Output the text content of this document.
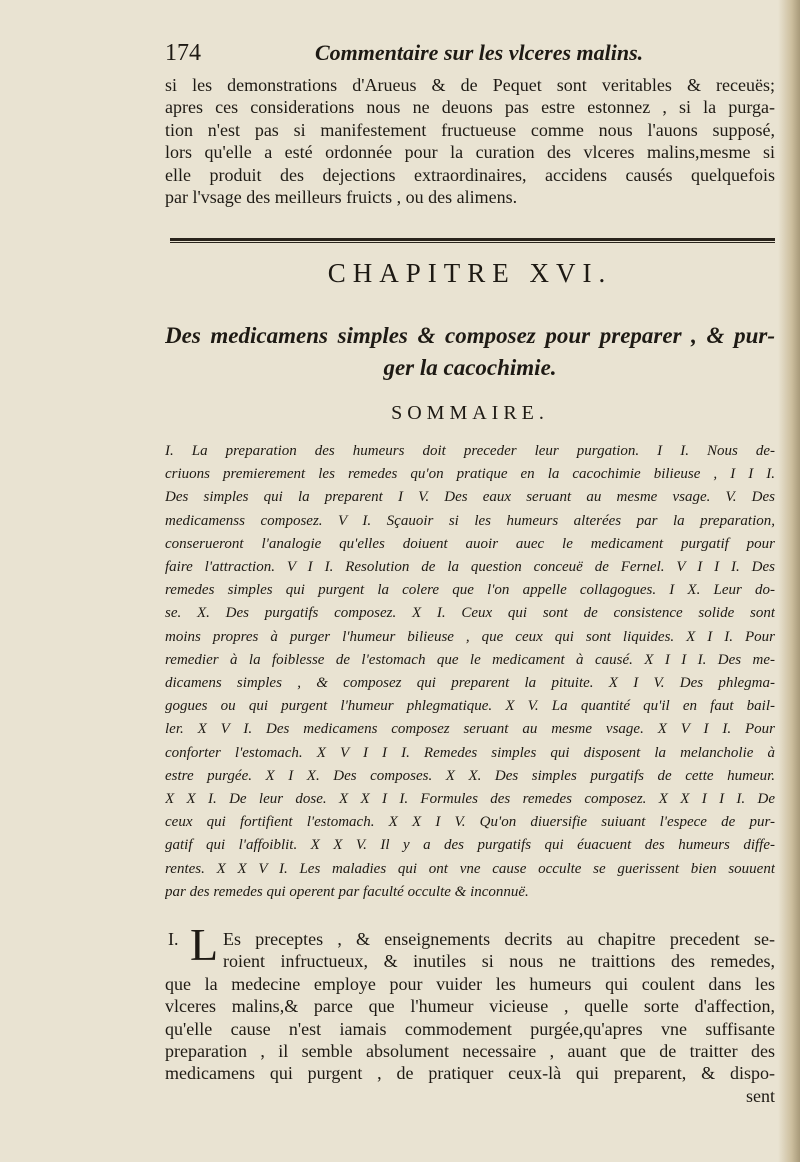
174	Commentaire sur les vlceres malins.
si les demonstrations d'Arueus & de Pequet sont veritables & receuës;
apres ces considerations nous ne deuons pas estre estonnez , si la purga-
tion n'est pas si manifestement fructueuse comme nous l'auons supposé,
lors qu'elle a esté ordonnée pour la curation des vlceres malins,mesme si
elle produit des dejections extraordinaires, accidens causés quelquefois
par l'vsage des meilleurs fruicts , ou des alimens.
CHAPITRE XVI.
Des medicamens simples & composez pour preparer , & pur-
ger la cacochimie.
SOMMAIRE.
I. La preparation des humeurs doit preceder leur purgation. I I. Nous de-
criuons premierement les remedes qu'on pratique en la cacochimie bilieuse , I I I.
Des simples qui la preparent I V. Des eaux seruant au mesme vsage. V. Des
medicamenss composez. V I. Sçauoir si les humeurs alterées par la preparation,
conserueront l'analogie qu'elles doiuent auoir auec le medicament purgatif pour
faire l'attraction. V I I. Resolution de la question conceuë de Fernel. V I I I. Des
remedes simples qui purgent la colere que l'on appelle collagogues. I X. Leur do-
se. X. Des purgatifs composez. X I. Ceux qui sont de consistence solide sont
moins propres à purger l'humeur bilieuse , que ceux qui sont liquides. X I I. Pour
remedier à la foiblesse de l'estomach que le medicament à causé. X I I I. Des me-
dicamens simples , & composez qui preparent la pituite. X I V. Des phlegma-
gogues ou qui purgent l'humeur phlegmatique. X V. La quantité qu'il en faut bail-
ler. X V I. Des medicamens composez seruant au mesme vsage. X V I I. Pour
conforter l'estomach. X V I I I. Remedes simples qui disposent la melancholie à
estre purgée. X I X. Des composes. X X. Des simples purgatifs de cette humeur.
X X I. De leur dose. X X I I. Formules des remedes composez. X X I I I. De
ceux qui fortifient l'estomach. X X I V. Qu'on diuersifie suiuant l'espece de pur-
gatif qui l'affoiblit. X X V. Il y a des purgatifs qui éuacuent des humeurs diffe-
rentes. X X V I. Les maladies qui ont vne cause occulte se guerissent bien souuent
par des remedes qui operent par faculté occulte & inconnuë.
I. L Es preceptes , & enseignements decrits au chapitre precedent se-
roient infructueux, & inutiles si nous ne traittions des remedes,
que la medecine employe pour vuider les humeurs qui coulent dans les
vlceres malins,& parce que l'humeur vicieuse , quelle sorte d'affection,
qu'elle cause n'est iamais commodement purgée,qu'apres vne suffisante
preparation , il semble absolument necessaire , auant que de traitter des
medicamens qui purgent , de pratiquer ceux-là qui preparent, & dispo-
sent
